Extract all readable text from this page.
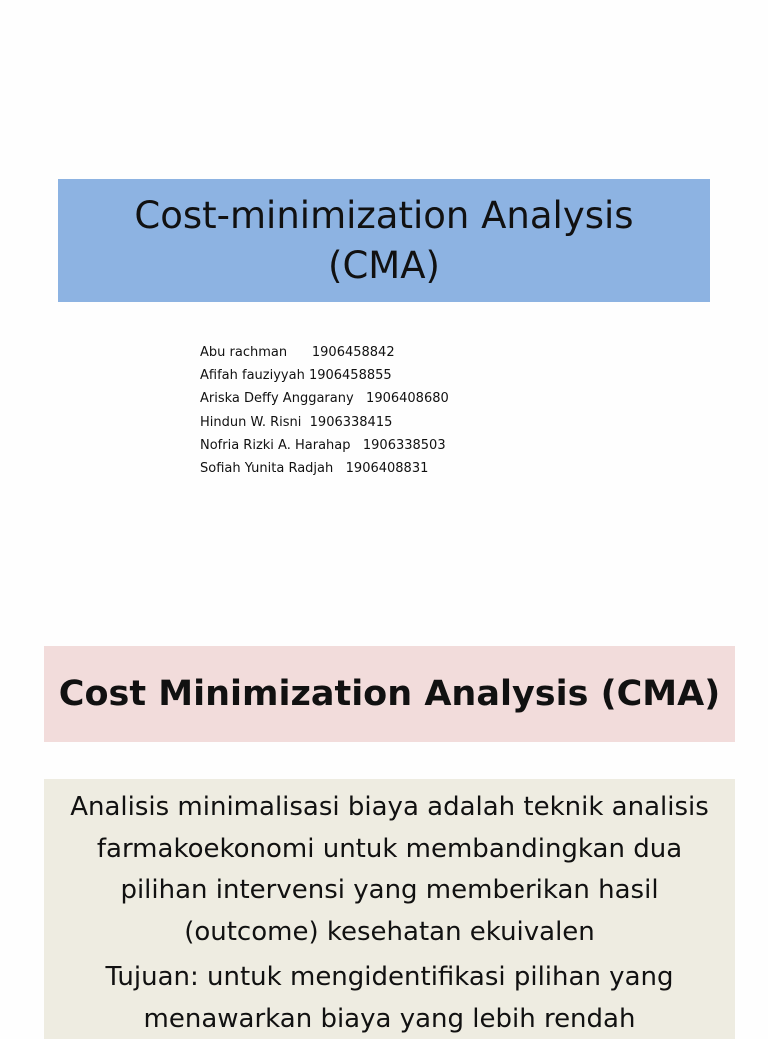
Cost-minimization Analysis
(CMA)
Abu rachman      1906458842
Afifah fauziyyah 1906458855
Ariska Deffy Anggarany   1906408680
Hindun W. Risni  1906338415
Nofria Rizki A. Harahap   1906338503
Sofiah Yunita Radjah   1906408831
Cost Minimization Analysis (CMA)

Analisis minimalisasi biaya adalah teknik analisis farmakoekonomi untuk membandingkan dua pilihan intervensi yang memberikan hasil (outcome) kesehatan ekuivalen

Tujuan: untuk mengidentifikasi pilihan yang menawarkan biaya yang lebih rendah
